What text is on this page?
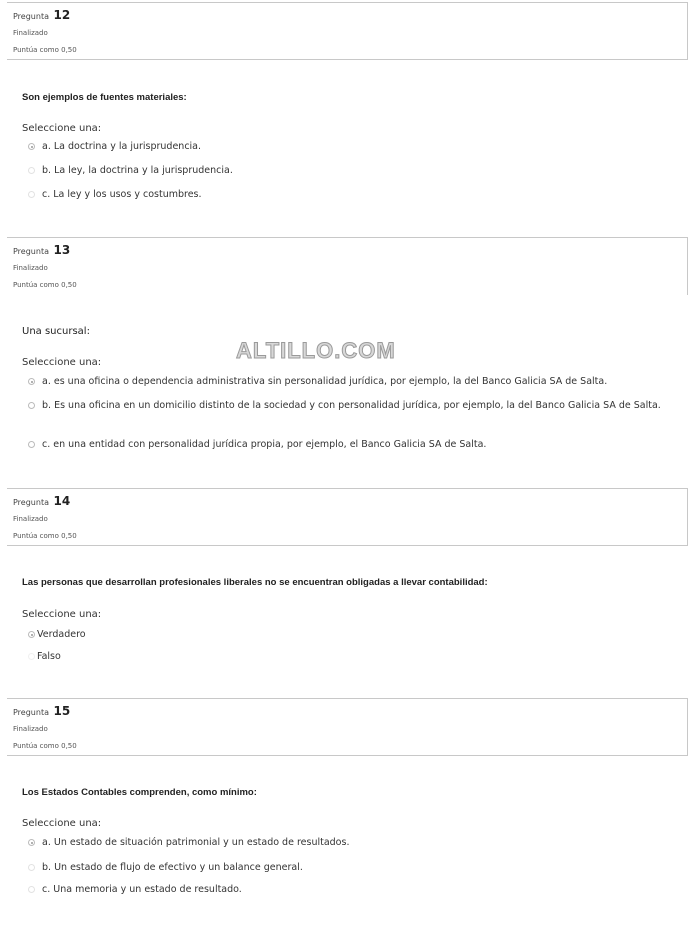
Pregunta 12
Finalizado
Puntúa como 0,50
Son ejemplos de fuentes materiales:
Seleccione una:
a. La doctrina y la jurisprudencia.
b. La ley, la doctrina y la jurisprudencia.
c. La ley y los usos y costumbres.
Pregunta 13
Finalizado
Puntúa como 0,50
Una sucursal:
Seleccione una:	ALTILLO.COM
a. es una oficina o dependencia administrativa sin personalidad jurídica, por ejemplo, la del Banco Galicia SA de Salta.
b. Es una oficina en un domicilio distinto de la sociedad y con personalidad jurídica, por ejemplo, la del Banco Galicia SA de Salta.
c. en una entidad con personalidad jurídica propia, por ejemplo, el Banco Galicia SA de Salta.
Pregunta 14
Finalizado
Puntúa como 0,50
Las personas que desarrollan profesionales liberales no se encuentran obligadas a llevar contabilidad:
Seleccione una:
Verdadero
Falso
Pregunta 15
Finalizado
Puntúa como 0,50
Los Estados Contables comprenden, como mínimo:
Seleccione una:
a. Un estado de situación patrimonial y un estado de resultados.
b. Un estado de flujo de efectivo y un balance general.
c. Una memoria y un estado de resultado.
